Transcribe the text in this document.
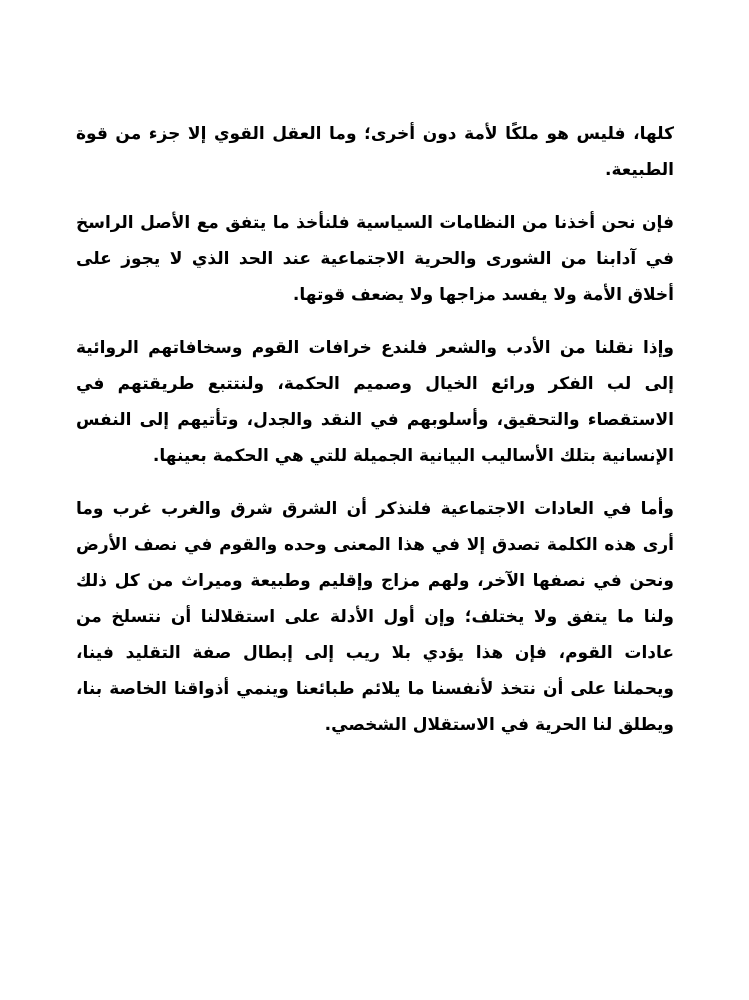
كلها، فليس هو ملكًا لأمة دون أخرى؛ وما العقل القوي إلا جزء من قوة الطبيعة.

فإن نحن أخذنا من النظامات السياسية فلنأخذ ما يتفق مع الأصل الراسخ في آدابنا من الشورى والحرية الاجتماعية عند الحد الذي لا يجوز على أخلاق الأمة ولا يفسد مزاجها ولا يضعف قوتها.

وإذا نقلنا من الأدب والشعر فلندع خرافات القوم وسخافاتهم الروائية إلى لب الفكر ورائع الخيال وصميم الحكمة، ولنتتبع طريقتهم في الاستقصاء والتحقيق، وأسلوبهم في النقد والجدل، وتأتيهم إلى النفس الإنسانية بتلك الأساليب البيانية الجميلة للتي هي الحكمة بعينها.

وأما في العادات الاجتماعية فلنذكر أن الشرق شرق والغرب غرب وما أرى هذه الكلمة تصدق إلا في هذا المعنى وحده والقوم في نصف الأرض ونحن في نصفها الآخر، ولهم مزاج وإقليم وطبيعة وميراث من كل ذلك ولنا ما يتفق ولا يختلف؛ وإن أول الأدلة على استقلالنا أن نتسلخ من عادات القوم، فإن هذا يؤدي بلا ريب إلى إبطال صفة التقليد فينا، ويحملنا على أن نتخذ لأنفسنا ما يلائم طبائعنا وينمي أذواقنا الخاصة بنا، ويطلق لنا الحرية في الاستقلال الشخصي.
